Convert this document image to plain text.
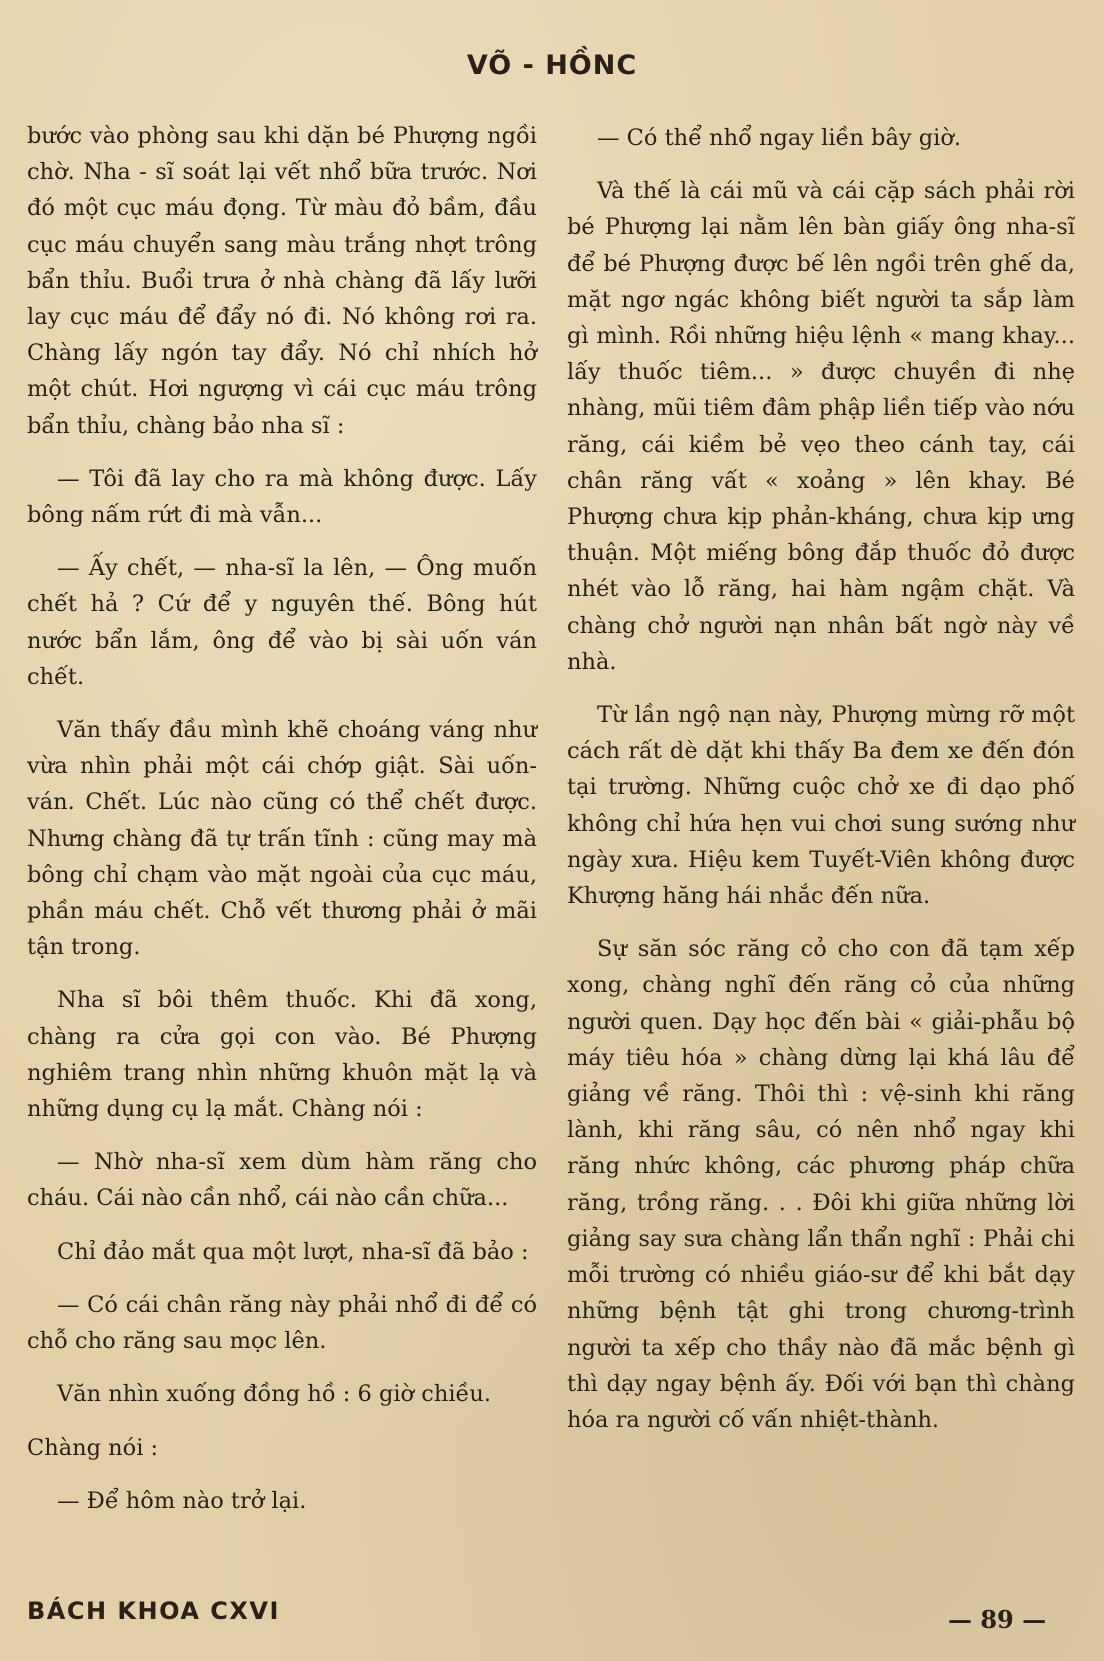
VÕ - HỒNC

bước vào phòng sau khi dặn bé Phượng ngồi chờ. Nha - sĩ soát lại vết nhổ bữa trước. Nơi đó một cục máu đọng. Từ màu đỏ bầm, đầu cục máu chuyển sang màu trắng nhợt trông bẩn thỉu. Buổi trưa ở nhà chàng đã lấy lưỡi lay cục máu để đẩy nó đi. Nó không rơi ra. Chàng lấy ngón tay đẩy. Nó chỉ nhích hở một chút. Hơi ngượng vì cái cục máu trông bẩn thỉu, chàng bảo nha sĩ :

— Tôi đã lay cho ra mà không được. Lấy bông nấm rứt đi mà vẫn...

— Ấy chết, — nha-sĩ la lên, — Ông muốn chết hả ? Cứ để y nguyên thế. Bông hút nước bẩn lắm, ông để vào bị sài uốn ván chết.

Văn thấy đầu mình khẽ choáng váng như vừa nhìn phải một cái chớp giật. Sài uốn-ván. Chết. Lúc nào cũng có thể chết được. Nhưng chàng đã tự trấn tĩnh : cũng may mà bông chỉ chạm vào mặt ngoài của cục máu, phần máu chết. Chỗ vết thương phải ở mãi tận trong.

Nha sĩ bôi thêm thuốc. Khi đã xong, chàng ra cửa gọi con vào. Bé Phượng nghiêm trang nhìn những khuôn mặt lạ và những dụng cụ lạ mắt. Chàng nói :

— Nhờ nha-sĩ xem dùm hàm răng cho cháu. Cái nào cần nhổ, cái nào cần chữa...

Chỉ đảo mắt qua một lượt, nha-sĩ đã bảo :

— Có cái chân răng này phải nhổ đi để có chỗ cho răng sau mọc lên.

Văn nhìn xuống đồng hồ : 6 giờ chiều.

Chàng nói :

— Để hôm nào trở lại.

— Có thể nhổ ngay liền bây giờ.

Và thế là cái mũ và cái cặp sách phải rời bé Phượng lại nằm lên bàn giấy ông nha-sĩ để bé Phượng được bế lên ngồi trên ghế da, mặt ngơ ngác không biết người ta sắp làm gì mình. Rồi những hiệu lệnh « mang khay... lấy thuốc tiêm... » được chuyền đi nhẹ nhàng, mũi tiêm đâm phập liền tiếp vào nớu răng, cái kiềm bẻ vẹo theo cánh tay, cái chân răng vất « xoảng » lên khay. Bé Phượng chưa kịp phản-kháng, chưa kịp ưng thuận. Một miếng bông đắp thuốc đỏ được nhét vào lỗ răng, hai hàm ngậm chặt. Và chàng chở người nạn nhân bất ngờ này về nhà.

Từ lần ngộ nạn này, Phượng mừng rỡ một cách rất dè dặt khi thấy Ba đem xe đến đón tại trường. Những cuộc chở xe đi dạo phố không chỉ hứa hẹn vui chơi sung sướng như ngày xưa. Hiệu kem Tuyết-Viên không được Khượng hăng hái nhắc đến nữa.

Sự săn sóc răng cỏ cho con đã tạm xếp xong, chàng nghĩ đến răng cỏ của những người quen. Dạy học đến bài « giải-phẫu bộ máy tiêu hóa » chàng dừng lại khá lâu để giảng về răng. Thôi thì : vệ-sinh khi răng lành, khi răng sâu, có nên nhổ ngay khi răng nhức không, các phương pháp chữa răng, trồng răng. . . Đôi khi giữa những lời giảng say sưa chàng lẩn thẩn nghĩ : Phải chi mỗi trường có nhiều giáo-sư để khi bắt dạy những bệnh tật ghi trong chương-trình người ta xếp cho thầy nào đã mắc bệnh gì thì dạy ngay bệnh ấy. Đối với bạn thì chàng hóa ra người cố vấn nhiệt-thành.

BÁCH KHOA CXVI	— 89 —
